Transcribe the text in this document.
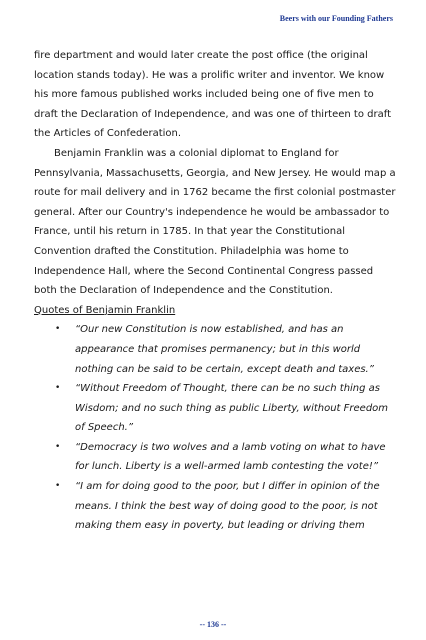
Beers with our Founding Fathers

fire department and would later create the post office (the original location stands today). He was a prolific writer and inventor. We know his more famous published works included being one of five men to draft the Declaration of Independence, and was one of thirteen to draft the Articles of Confederation.

Benjamin Franklin was a colonial diplomat to England for Pennsylvania, Massachusetts, Georgia, and New Jersey. He would map a route for mail delivery and in 1762 became the first colonial postmaster general. After our Country's independence he would be ambassador to France, until his return in 1785. In that year the Constitutional Convention drafted the Constitution. Philadelphia was home to Independence Hall, where the Second Continental Congress passed both the Declaration of Independence and the Constitution.

Quotes of Benjamin Franklin

• “Our new Constitution is now established, and has an appearance that promises permanency; but in this world nothing can be said to be certain, except death and taxes.”
• “Without Freedom of Thought, there can be no such thing as Wisdom; and no such thing as public Liberty, without Freedom of Speech.”
• “Democracy is two wolves and a lamb voting on what to have for lunch. Liberty is a well-armed lamb contesting the vote!”
• “I am for doing good to the poor, but I differ in opinion of the means. I think the best way of doing good to the poor, is not making them easy in poverty, but leading or driving them
-- 136 --
